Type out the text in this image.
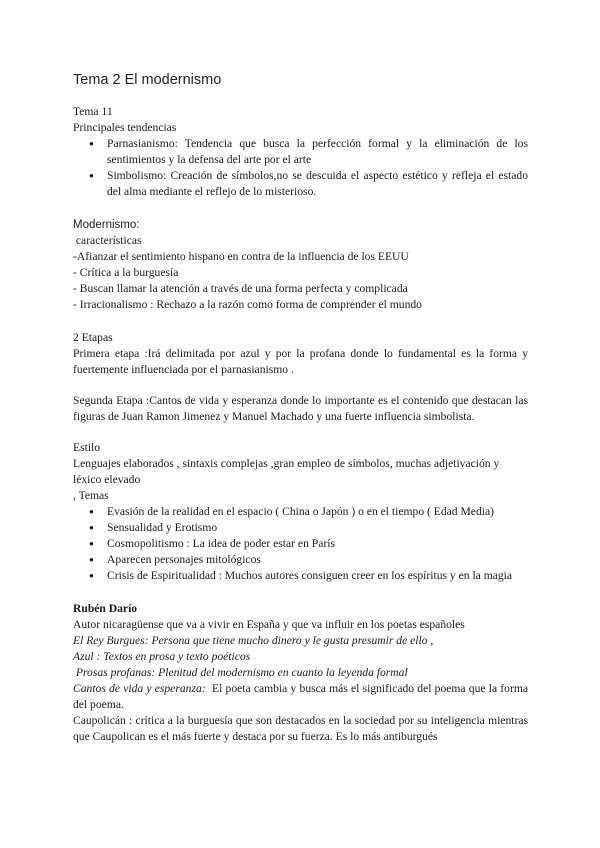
Tema 2 El modernismo
Tema 11
Principales tendencias
● Parnasianismo: Tendencia que busca la perfección formal y la eliminación de los sentimientos y la defensa del arte por el arte
● Simbolismo: Creación de símbolos,no se descuida el aspecto estético y refleja el estado del alma mediante el reflejo de lo misterioso.
Modernismo:
características
-Afianzar el sentimiento hispano en contra de la influencia de los EEUU
- Crítica a la burguesía
- Buscan llamar la atención a través de una forma perfecta y complicada
- Irracionalismo : Rechazo a la razón como forma de comprender el mundo
2 Etapas
Primera etapa :Irá delimitada por azul y por la profana donde lo fundamental es la forma y fuertemente influenciada por el parnasianismo .
Segunda Etapa :Cantos de vida y esperanza donde lo importante es el contenido que destacan las figuras de Juan Ramon Jimenez y Manuel Machado y una fuerte influencia simbolista.
Estilo
Lenguajes elaborados , sintaxis complejas ,gran empleo de símbolos, muchas adjetivación y léxico elevado
, Temas
● Evasión de la realidad en el espacio ( China o Japón ) o en el tiempo ( Edad Media)
● Sensualidad y Erotismo
● Cosmopolitismo : La idea de poder estar en París
● Aparecen personajes mitológicos
● Crisis de Espiritualidad : Muchos autores consiguen creer en los espíritus y en la magia
Rubén Darío
Autor nicaragüense que va a vivir en España y que va influir en los poetas españoles
El Rey Burgues: Persona que tiene mucho dinero y le gusta presumir de ello ,
Azul : Textos en prosa y texto poéticos
Prosas profanas: Plenitud del modernismo en cuanto la leyenda formal
Cantos de vida y esperanza:  El poeta cambia y busca más el significado del poema que la forma del poema.
Caupolicán : crítica a la burguesía que son destacados en la sociedad por su inteligencia mientras que Caupolican es el más fuerte y destaca por su fuerza. Es lo más antiburgués
